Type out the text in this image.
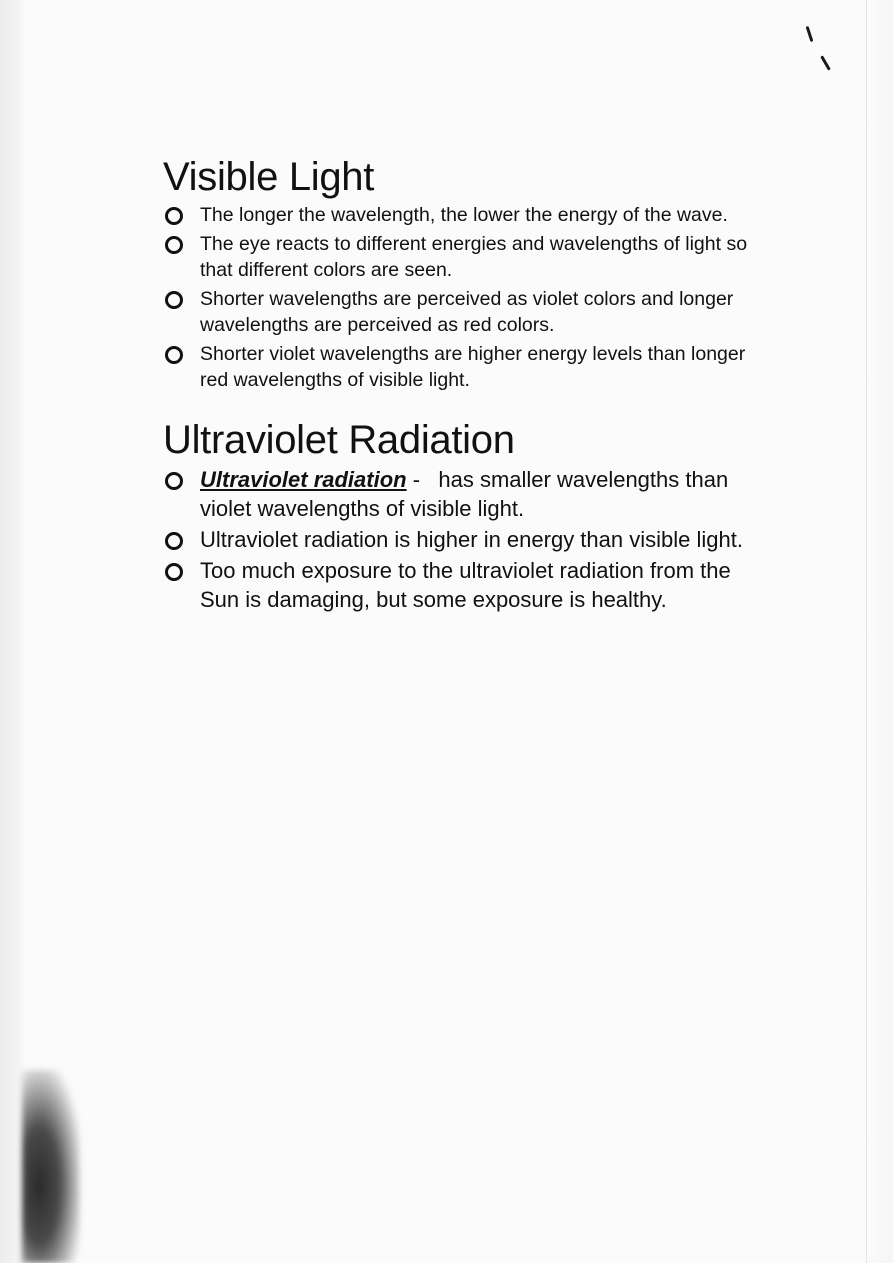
Visible Light
The longer the wavelength, the lower the energy of the wave.
The eye reacts to different energies and wavelengths of light so that different colors are seen.
Shorter wavelengths are perceived as violet colors and longer wavelengths are perceived as red colors.
Shorter violet wavelengths are higher energy levels than longer red wavelengths of visible light.
Ultraviolet Radiation
Ultraviolet radiation -   has smaller wavelengths than violet wavelengths of visible light.
Ultraviolet radiation is higher in energy than visible light.
Too much exposure to the ultraviolet radiation from the Sun is damaging, but some exposure is healthy.
